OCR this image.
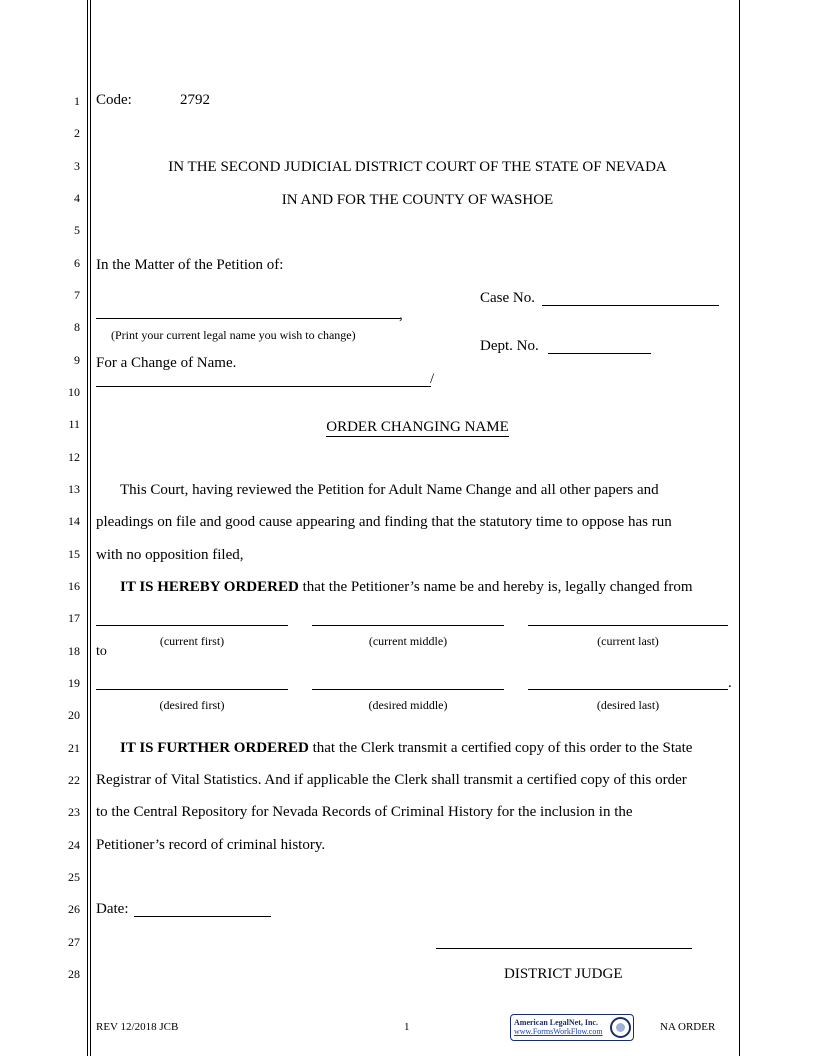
1
2
3
4
5
6
7
8
9
10
11
12
13
14
15
16
17
18
19
20
21
22
23
24
25
26
27
28
Code:	2792
IN THE SECOND JUDICIAL DISTRICT COURT OF THE STATE OF NEVADA
IN AND FOR THE COUNTY OF WASHOE
In the Matter of the Petition of:
,
(Print your current legal name you wish to change)
For a Change of Name.
/
Case No.
Dept. No.
ORDER CHANGING NAME
This Court, having reviewed the Petition for Adult Name Change and all other papers and
pleadings on file and good cause appearing and finding that the statutory time to oppose has run
with no opposition filed,
IT IS HEREBY ORDERED that the Petitioner’s name be and hereby is, legally changed from
(current first)	(current middle)	(current last)
to
.
(desired first)	(desired middle)	(desired last)
IT IS FURTHER ORDERED that the Clerk transmit a certified copy of this order to the State
Registrar of Vital Statistics. And if applicable the Clerk shall transmit a certified copy of this order
to the Central Repository for Nevada Records of Criminal History for the inclusion in the
Petitioner’s record of criminal history.
Date:
DISTRICT JUDGE
REV 12/2018 JCB	1	American LegalNet, Inc.
www.FormsWorkFlow.com	NA ORDER
